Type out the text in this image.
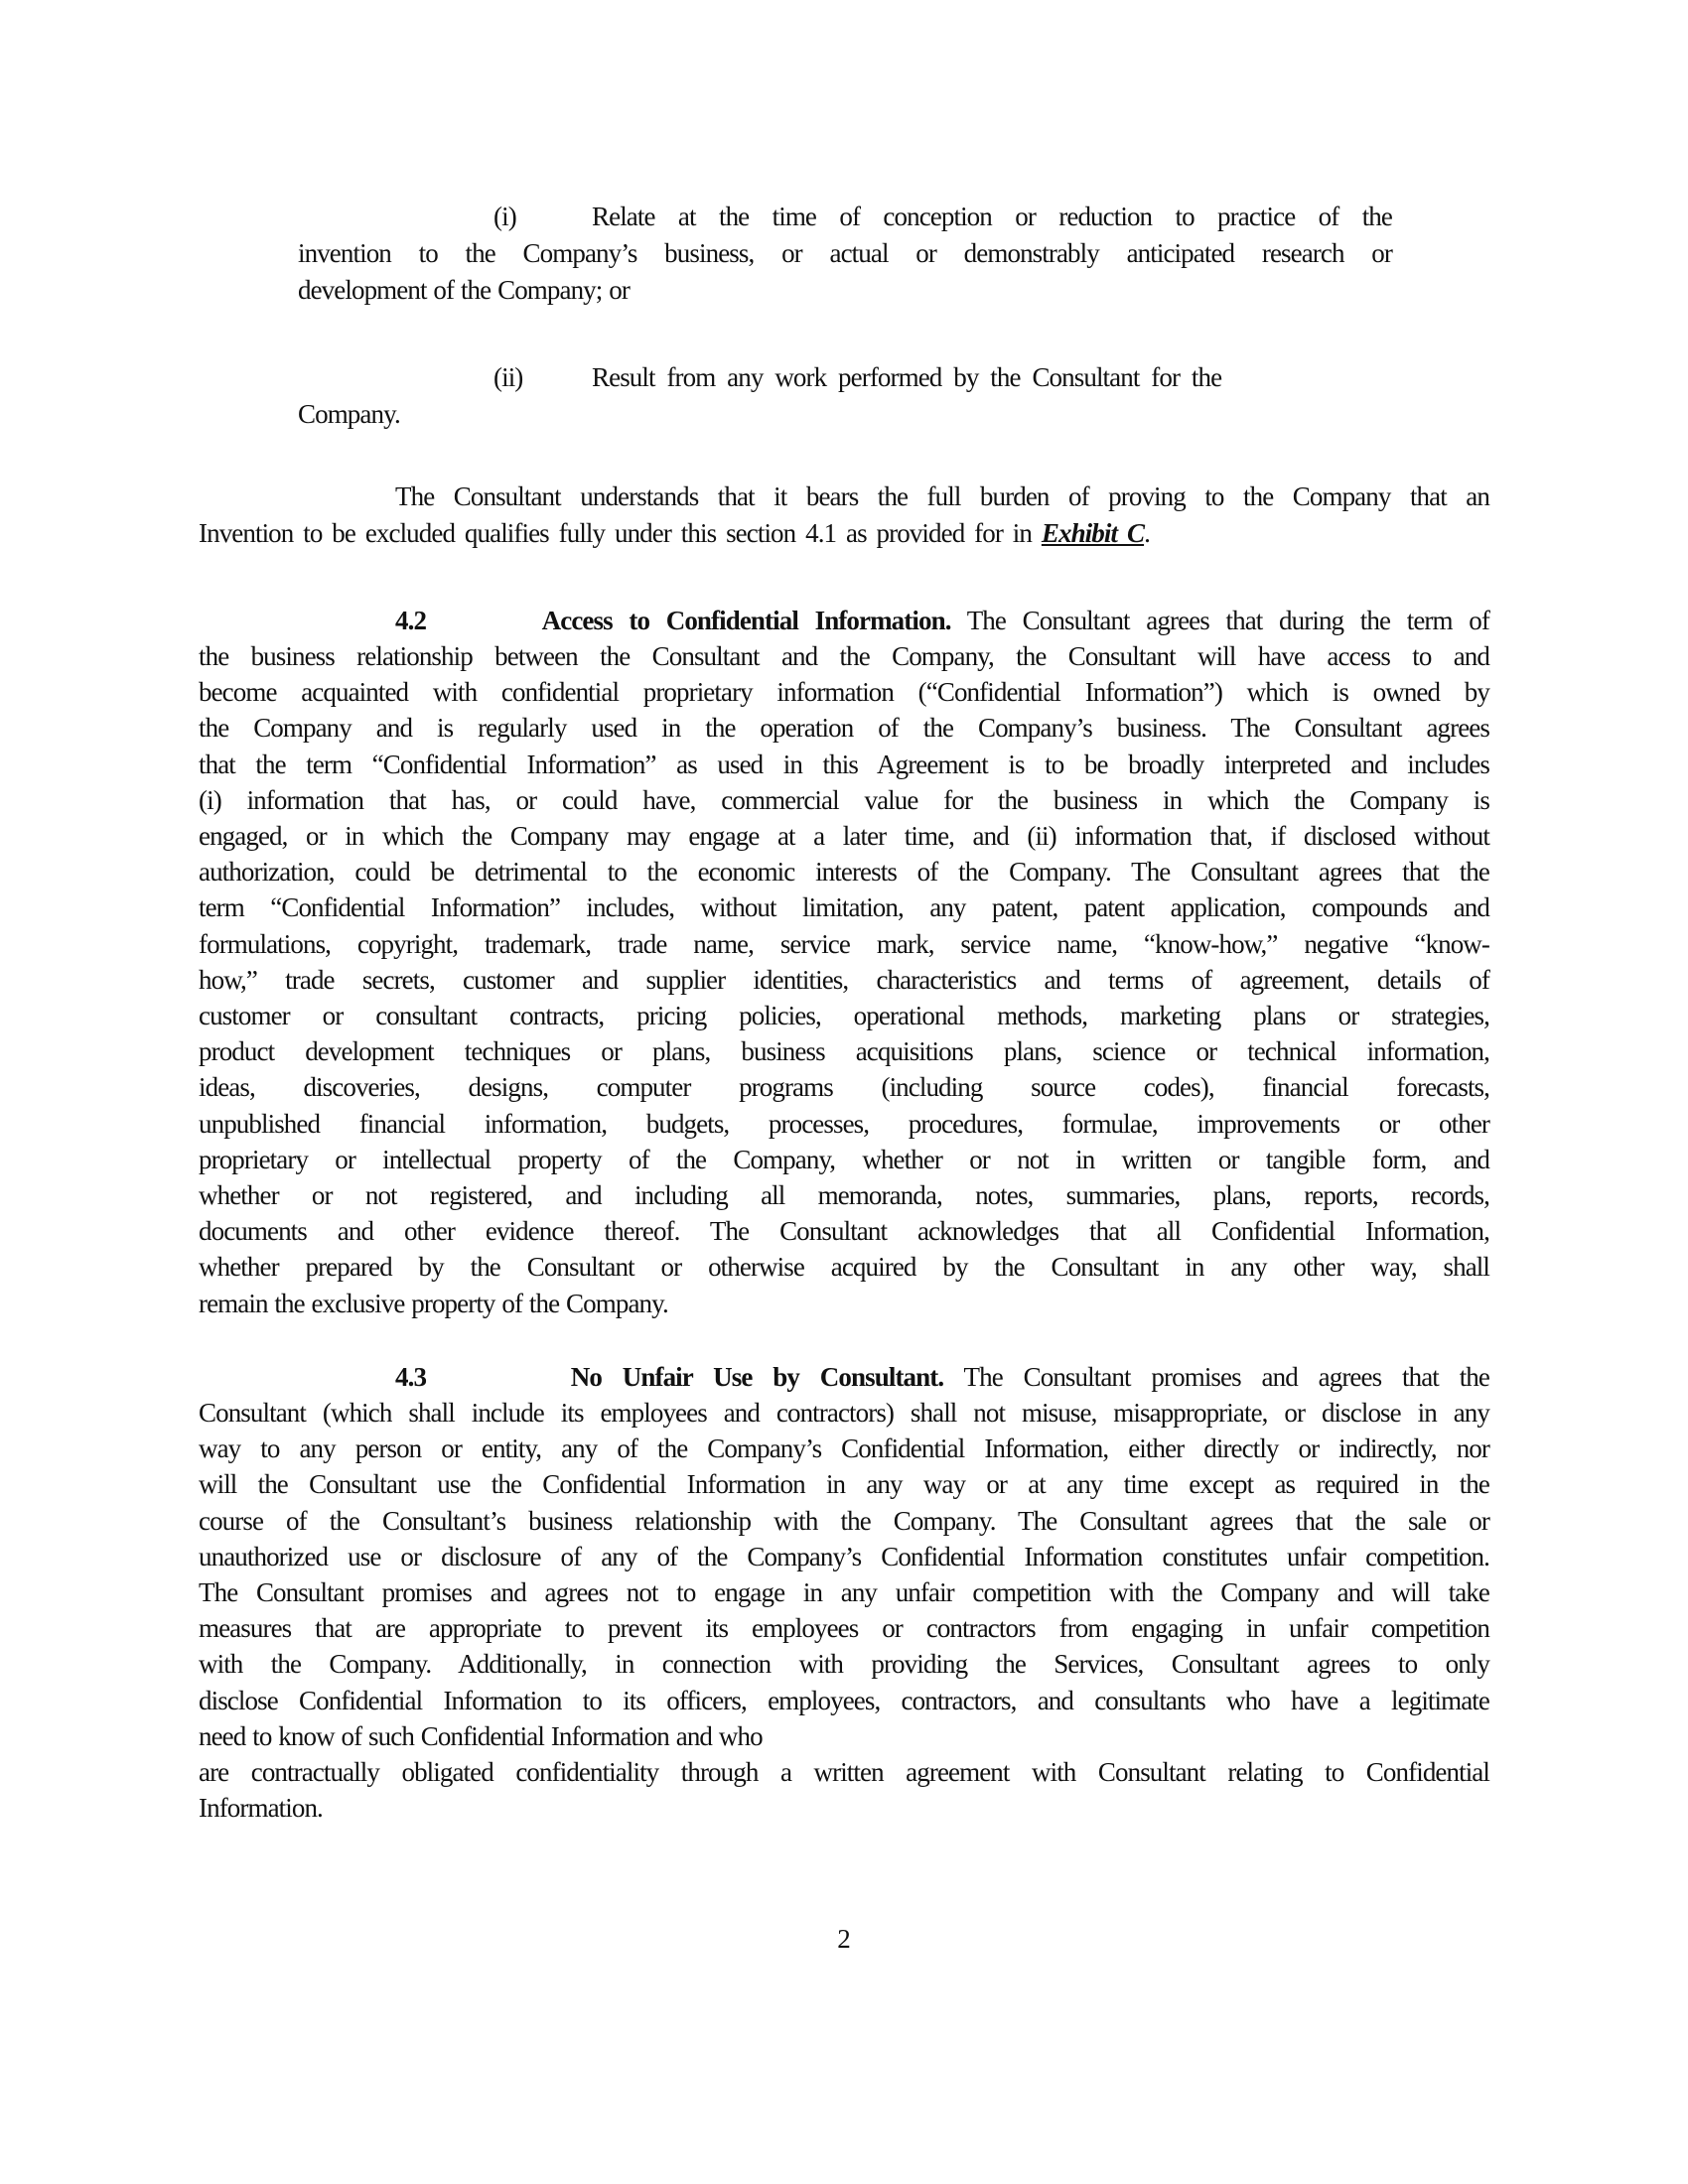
(i)	Relate at the time of conception or reduction to practice of the
invention to the Company’s business, or actual or demonstrably anticipated research or
development of the Company; or
(ii)	Result from any work performed by the Consultant for the
Company.
The Consultant understands that it bears the full burden of proving to the Company that an
Invention to be excluded qualifies fully under this section 4.1 as provided for in Exhibit C.
4.2	Access to Confidential Information. The Consultant agrees that during the term of
the business relationship between the Consultant and the Company, the Consultant will have access to and
become acquainted with confidential proprietary information (“Confidential Information”) which is owned by
the Company and is regularly used in the operation of the Company’s business. The Consultant agrees
that the term “Confidential Information” as used in this Agreement is to be broadly interpreted and includes
(i) information that has, or could have, commercial value for the business in which the Company is
engaged, or in which the Company may engage at a later time, and (ii) information that, if disclosed without
authorization, could be detrimental to the economic interests of the Company. The Consultant agrees that the
term “Confidential Information” includes, without limitation, any patent, patent application, compounds and
formulations, copyright, trademark, trade name, service mark, service name, “know-how,” negative “know-
how,” trade secrets, customer and supplier identities, characteristics and terms of agreement, details of
customer or consultant contracts, pricing policies, operational methods, marketing plans or strategies,
product development techniques or plans, business acquisitions plans, science or technical information,
ideas, discoveries, designs, computer programs (including source codes), financial forecasts,
unpublished financial information, budgets, processes, procedures, formulae, improvements or other
proprietary or intellectual property of the Company, whether or not in written or tangible form, and
whether or not registered, and including all memoranda, notes, summaries, plans, reports, records,
documents and other evidence thereof. The Consultant acknowledges that all Confidential Information,
whether prepared by the Consultant or otherwise acquired by the Consultant in any other way, shall
remain the exclusive property of the Company.
4.3	No Unfair Use by Consultant. The Consultant promises and agrees that the
Consultant (which shall include its employees and contractors) shall not misuse, misappropriate, or disclose in any
way to any person or entity, any of the Company’s Confidential Information, either directly or indirectly, nor
will the Consultant use the Confidential Information in any way or at any time except as required in the
course of the Consultant’s business relationship with the Company. The Consultant agrees that the sale or
unauthorized use or disclosure of any of the Company’s Confidential Information constitutes unfair competition.
The Consultant promises and agrees not to engage in any unfair competition with the Company and will take
measures that are appropriate to prevent its employees or contractors from engaging in unfair competition
with the Company. Additionally, in connection with providing the Services, Consultant agrees to only
disclose Confidential Information to its officers, employees, contractors, and consultants who have a legitimate
need to know of such Confidential Information and who
are contractually obligated confidentiality through a written agreement with Consultant relating to Confidential
Information.
2
